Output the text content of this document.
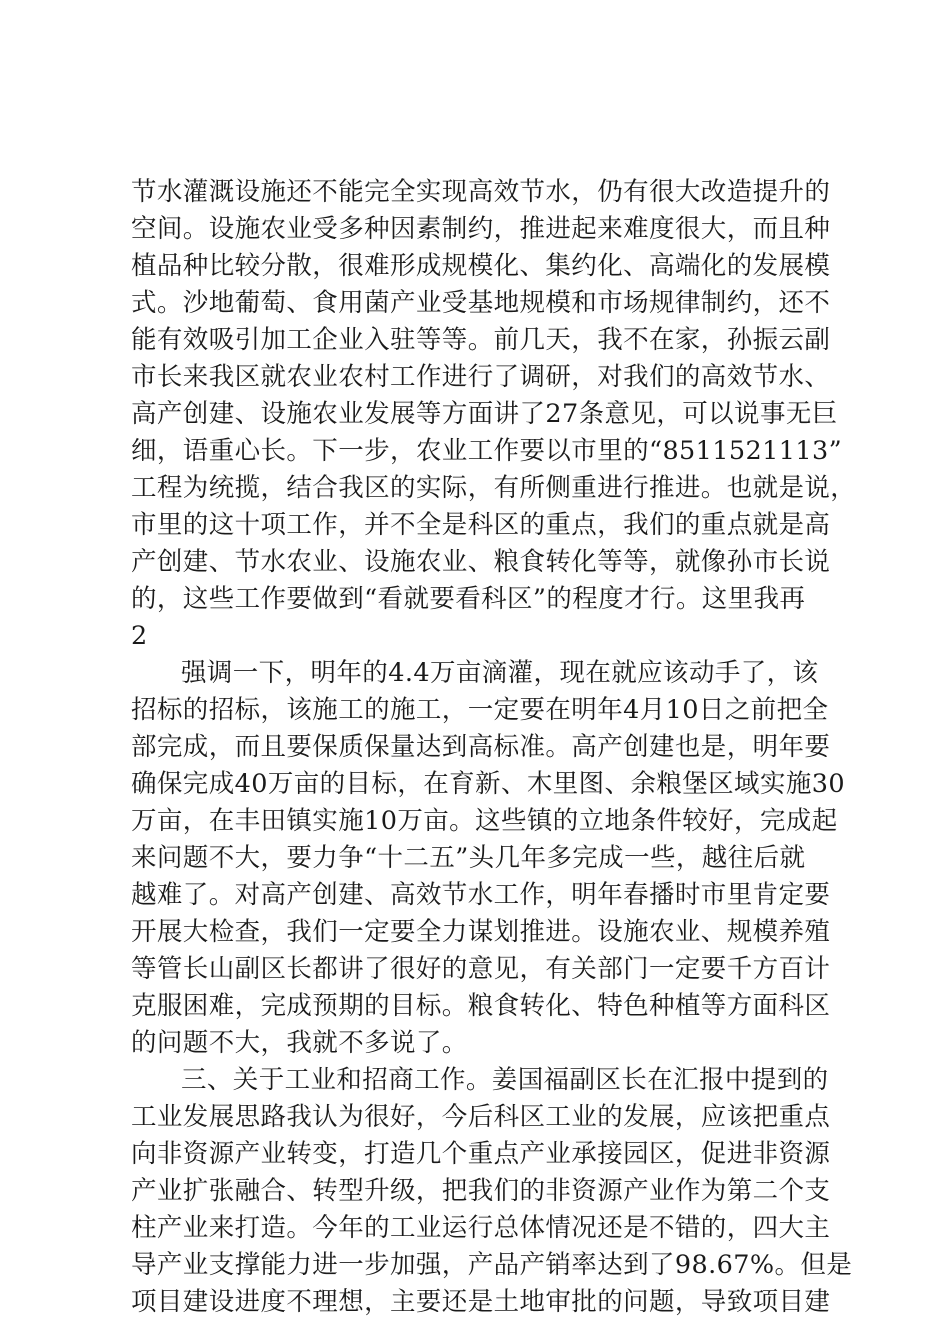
节水灌溉设施还不能完全实现高效节水，仍有很大改造提升的
空间。设施农业受多种因素制约，推进起来难度很大，而且种
植品种比较分散，很难形成规模化、集约化、高端化的发展模
式。沙地葡萄、食用菌产业受基地规模和市场规律制约，还不
能有效吸引加工企业入驻等等。前几天，我不在家，孙振云副
市长来我区就农业农村工作进行了调研，对我们的高效节水、
高产创建、设施农业发展等方面讲了27条意见，可以说事无巨
细，语重心长。下一步，农业工作要以市里的“8511521113”
工程为统揽，结合我区的实际，有所侧重进行推进。也就是说，
市里的这十项工作，并不全是科区的重点，我们的重点就是高
产创建、节水农业、设施农业、粮食转化等等，就像孙市长说
的，这些工作要做到“看就要看科区”的程度才行。这里我再
2
强调一下，明年的4.4万亩滴灌，现在就应该动手了，该
招标的招标，该施工的施工，一定要在明年4月10日之前把全
部完成，而且要保质保量达到高标准。高产创建也是，明年要
确保完成40万亩的目标，在育新、木里图、余粮堡区域实施30
万亩，在丰田镇实施10万亩。这些镇的立地条件较好，完成起
来问题不大，要力争“十二五”头几年多完成一些，越往后就
越难了。对高产创建、高效节水工作，明年春播时市里肯定要
开展大检查，我们一定要全力谋划推进。设施农业、规模养殖
等管长山副区长都讲了很好的意见，有关部门一定要千方百计
克服困难，完成预期的目标。粮食转化、特色种植等方面科区
的问题不大，我就不多说了。
三、关于工业和招商工作。姜国福副区长在汇报中提到的
工业发展思路我认为很好，今后科区工业的发展，应该把重点
向非资源产业转变，打造几个重点产业承接园区，促进非资源
产业扩张融合、转型升级，把我们的非资源产业作为第二个支
柱产业来打造。今年的工业运行总体情况还是不错的，四大主
导产业支撑能力进一步加强，产品产销率达到了98.67%。但是
项目建设进度不理想，主要还是土地审批的问题，导致项目建
